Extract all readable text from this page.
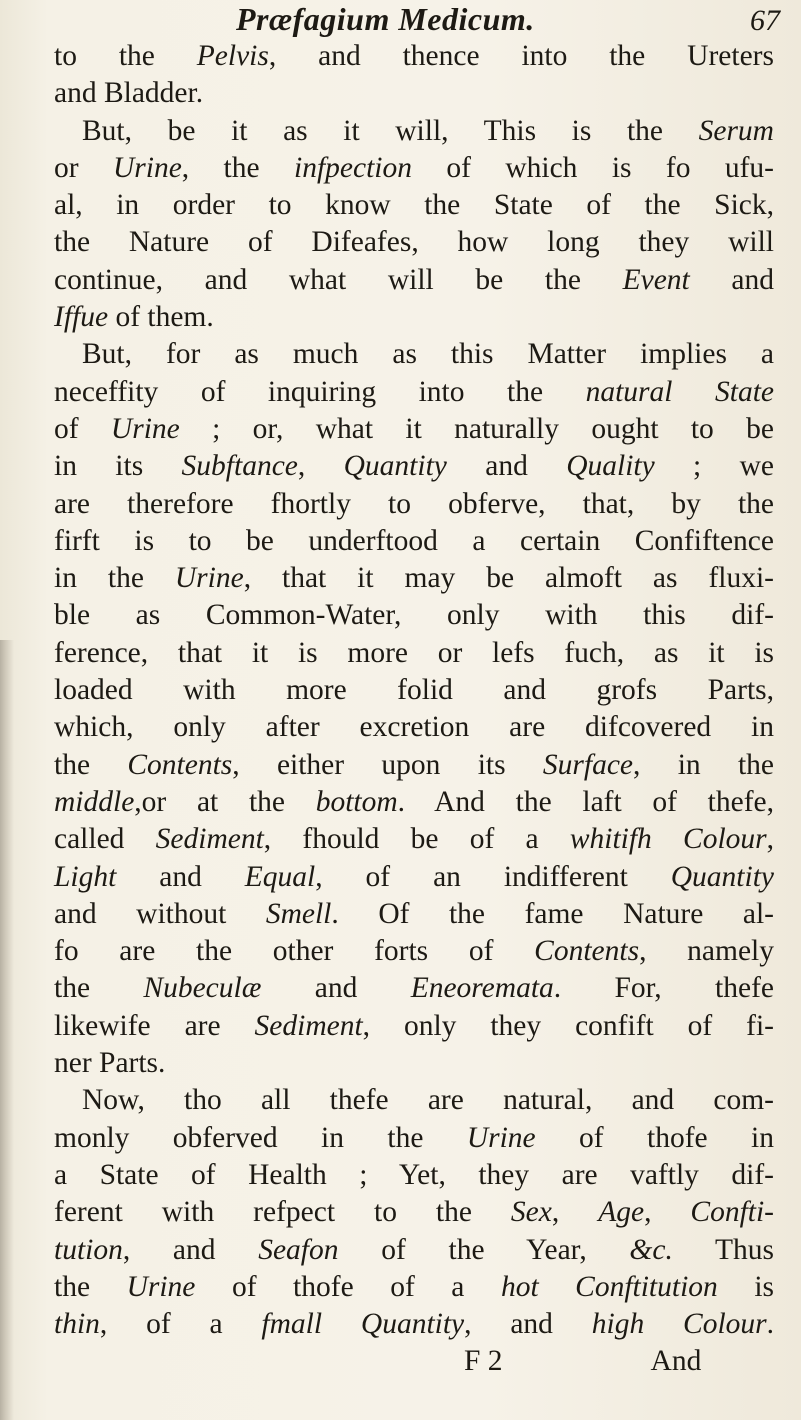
Præfagium Medicum.	67
to the Pelvis, and thence into the Ureters
and Bladder.
But, be it as it will, This is the Serum
or Urine, the infpection of which is fo ufu-
al, in order to know the State of the Sick,
the Nature of Difeafes, how long they will
continue, and what will be the Event and
Iffue of them.
But, for as much as this Matter implies a
neceffity of inquiring into the natural State
of Urine ; or, what it naturally ought to be
in its Subftance, Quantity and Quality ; we
are therefore fhortly to obferve, that, by the
firft is to be underftood a certain Confiftence
in the Urine, that it may be almoft as fluxi-
ble as Common-Water, only with this dif-
ference, that it is more or lefs fuch, as it is
loaded with more folid and grofs Parts,
which, only after excretion are difcovered in
the Contents, either upon its Surface, in the
middle,or at the bottom. And the laft of thefe,
called Sediment, fhould be of a whitifh Colour,
Light and Equal, of an indifferent Quantity
and without Smell. Of the fame Nature al-
fo are the other forts of Contents, namely
the Nubeculæ and Eneoremata. For, thefe
likewife are Sediment, only they confift of fi-
ner Parts.
Now, tho all thefe are natural, and com-
monly obferved in the Urine of thofe in
a State of Health ; Yet, they are vaftly dif-
ferent with refpect to the Sex, Age, Confti-
tution, and Seafon of the Year, &c. Thus
the Urine of thofe of a hot Conftitution is
thin, of a fmall Quantity, and high Colour.
F 2	And
